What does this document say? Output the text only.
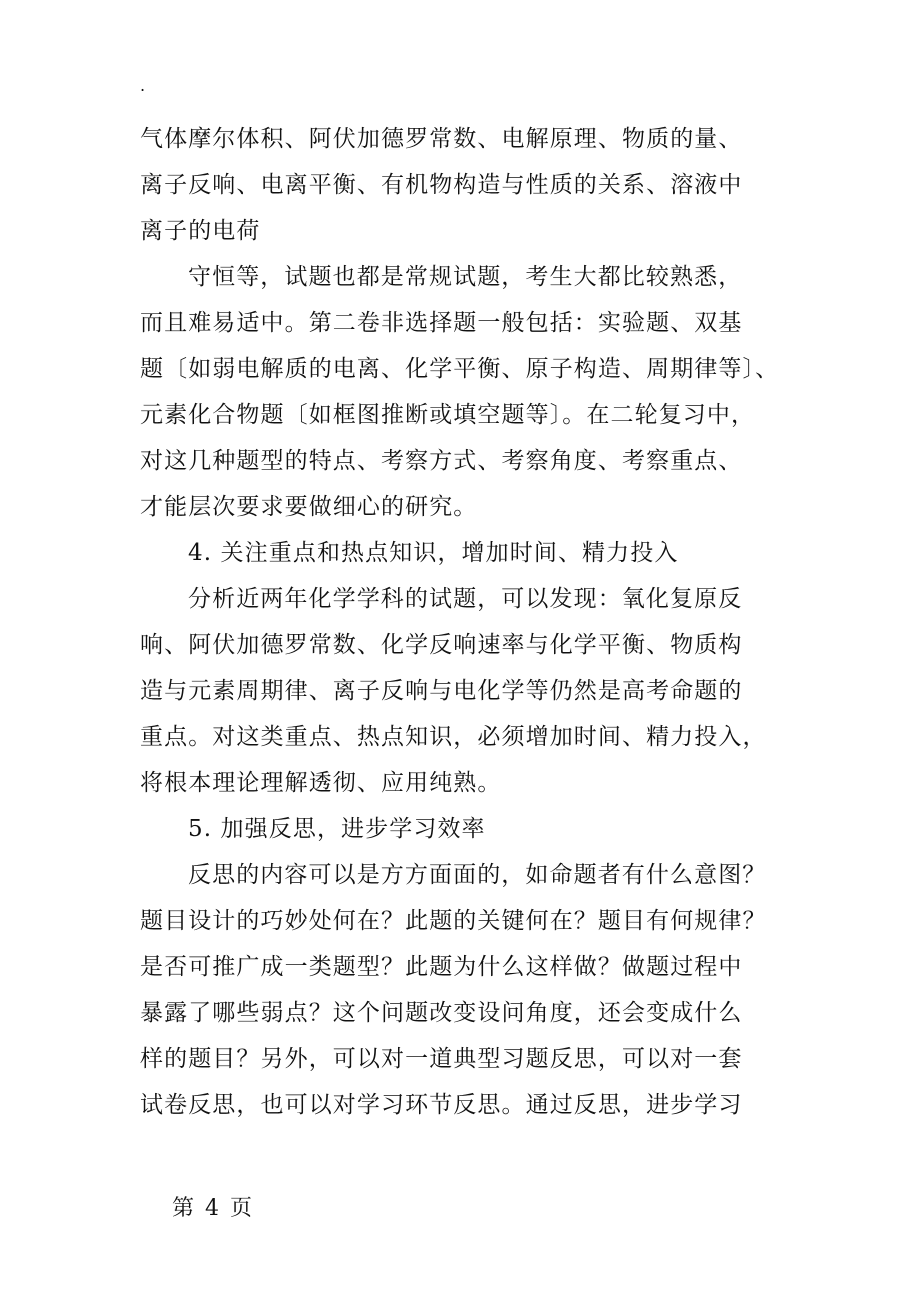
.
气体摩尔体积、阿伏加德罗常数、电解原理、物质的量、
离子反响、电离平衡、有机物构造与性质的关系、溶液中
离子的电荷
守恒等，试题也都是常规试题，考生大都比较熟悉，
而且难易适中。第二卷非选择题一般包括：实验题、双基
题〔如弱电解质的电离、化学平衡、原子构造、周期律等〕、
元素化合物题〔如框图推断或填空题等〕。在二轮复习中，
对这几种题型的特点、考察方式、考察角度、考察重点、
才能层次要求要做细心的研究。
4. 关注重点和热点知识，增加时间、精力投入
分析近两年化学学科的试题，可以发现：氧化复原反
响、阿伏加德罗常数、化学反响速率与化学平衡、物质构
造与元素周期律、离子反响与电化学等仍然是高考命题的
重点。对这类重点、热点知识，必须增加时间、精力投入，
将根本理论理解透彻、应用纯熟。
5. 加强反思，进步学习效率
反思的内容可以是方方面面的，如命题者有什么意图？
题目设计的巧妙处何在？此题的关键何在？题目有何规律？
是否可推广成一类题型？此题为什么这样做？做题过程中
暴露了哪些弱点？这个问题改变设问角度，还会变成什么
样的题目？另外，可以对一道典型习题反思，可以对一套
试卷反思，也可以对学习环节反思。通过反思，进步学习
第 4 页
